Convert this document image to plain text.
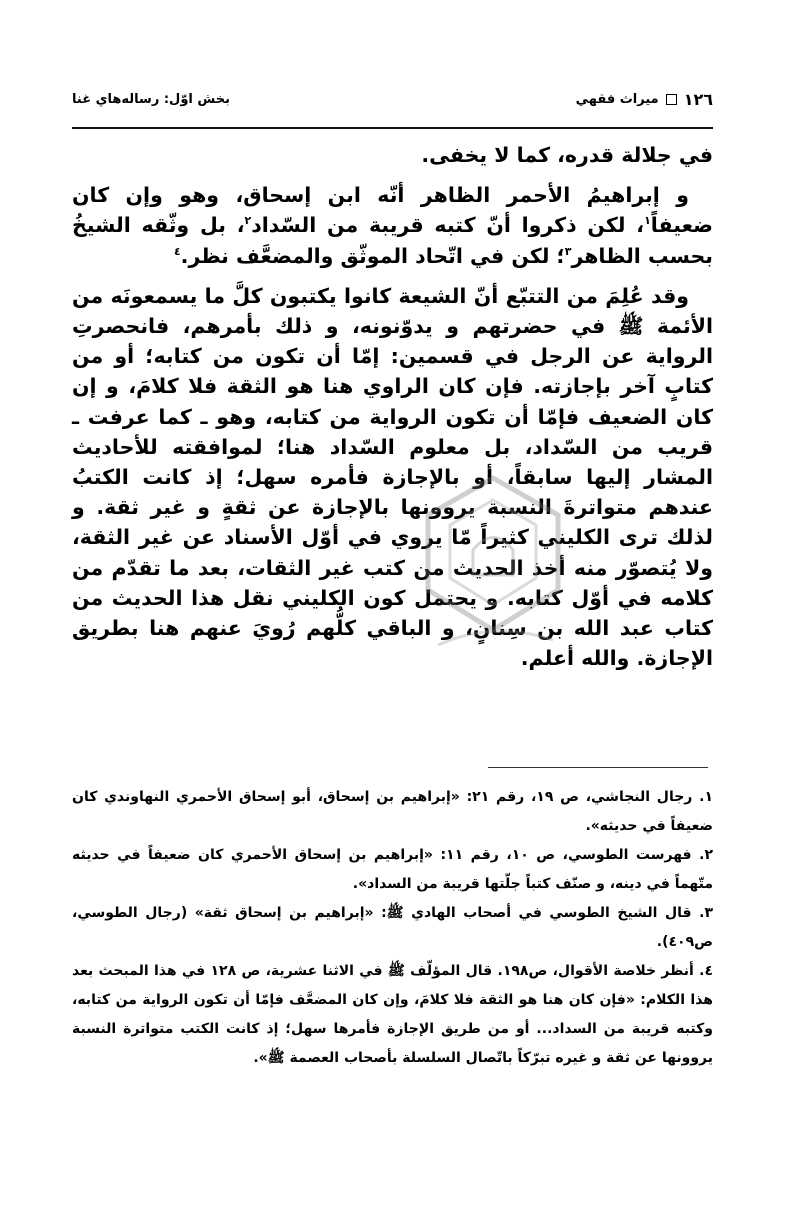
بخش اوّل: رساله‌هاي غنا	١٢٦
ميراث فقهي

في جلالة قدره، كما لا يخفى.

و إبراهيمُ الأحمر الظاهر أنّه ابن إسحاق، وهو وإن كان ضعيفاً$^١$، لكن ذكروا أنّ كتبه قريبة من السّداد$^٢$، بل وثّقه الشيخُ بحسب الظاهر$^٣$؛ لكن في اتّحاد الموثّق والمضعَّف نظر.$^٤$

وقد عُلِمَ من التتبّع أنّ الشيعة كانوا يكتبون كلَّ ما يسمعونَه من الأئمة ﷺ في حضرتهم و يدوّنونه، و ذلك بأمرهم، فانحصرتِ الرواية عن الرجل في قسمين: إمّا أن تكون من كتابه؛ أو من كتابٍ آخر بإجازته. فإن كان الراوي هنا هو الثقة فلا كلامَ، و إن كان الضعيف فإمّا أن تكون الرواية من كتابه، وهو ـ كما عرفت ـ قريب من السّداد، بل معلوم السّداد هنا؛ لموافقته للأحاديث المشار إليها سابقاً، أو بالإجازة فأمره سهل؛ إذ كانت الكتبُ عندهم متواترةَ النسبة يروونها بالإجازة عن ثقةٍ و غير ثقة. و لذلك ترى الكليني كثيراً مّا يروي في أوّل الأسناد عن غير الثقة، ولا يُتصوّر منه أخذ الحديث من كتب غير الثقات، بعد ما تقدّم من كلامه في أوّل كتابه. و يحتمل كون الكليني نقل هذا الحديث من كتاب عبد الله بن سِنانٍ، و الباقي كلُّهم رُويَ عنهم هنا بطريق الإجازة. والله أعلم.

١. رجال النجاشي، ص ١٩، رقم ٢١: «إبراهيم بن إسحاق، أبو إسحاق الأحمري النهاوندي كان ضعيفاً في حديثه».

٢. فهرست الطوسي، ص ١٠، رقم ١١: «إبراهيم بن إسحاق الأحمري كان ضعيفاً في حديثه متّهماً في دينه، و صنّف كتباً جلّتها قريبة من السداد».

٣. قال الشيخ الطوسي في أصحاب الهادي ﷺ: «إبراهيم بن إسحاق ثقة» (رجال الطوسي، ص٤٠٩).

٤. أنظر خلاصة الأقوال، ص١٩٨. قال المؤلّف ﷺ في الاثنا عشرية، ص ١٢٨ في هذا المبحث بعد هذا الكلام: «فإن كان هنا هو الثقة فلا كلامَ، وإن كان المضعَّف فإمّا أن تكون الرواية من كتابه، وكتبه قريبة من السداد... أو من طريق الإجازة فأمرها سهل؛ إذ كانت الكتب متواترة النسبة يروونها عن ثقة و غيره تبرّكاً باتّصال السلسلة بأصحاب العصمة ﷺ».
